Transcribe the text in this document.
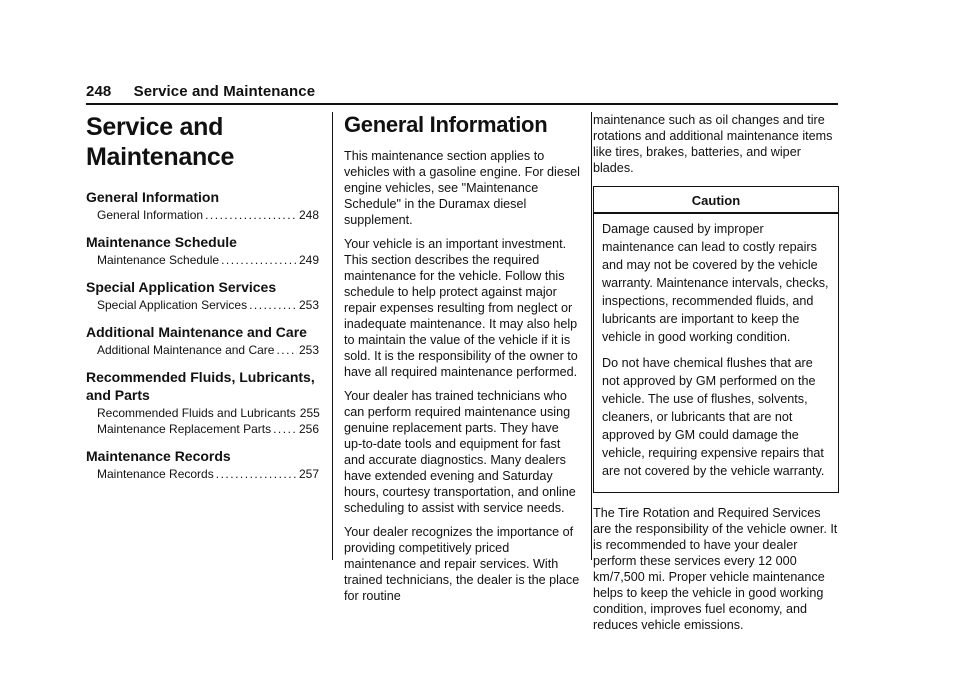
248 Service and Maintenance
Service and Maintenance
General Information
General Information .....	248
Maintenance Schedule
Maintenance Schedule .....	249
Special Application Services
Special Application Services .....	253
Additional Maintenance and Care
Additional Maintenance and Care ..... 253
Recommended Fluids, Lubricants, and Parts
Recommended Fluids and Lubricants 255
Maintenance Replacement Parts ..... 256
Maintenance Records
Maintenance Records .....	257
General Information

This maintenance section applies to vehicles with a gasoline engine. For diesel engine vehicles, see "Maintenance Schedule" in the Duramax diesel supplement.

Your vehicle is an important investment. This section describes the required maintenance for the vehicle. Follow this schedule to help protect against major repair expenses resulting from neglect or inadequate maintenance. It may also help to maintain the value of the vehicle if it is sold. It is the responsibility of the owner to have all required maintenance performed.

Your dealer has trained technicians who can perform required maintenance using genuine replacement parts. They have up-to-date tools and equipment for fast and accurate diagnostics. Many dealers have extended evening and Saturday hours, courtesy transportation, and online scheduling to assist with service needs.

Your dealer recognizes the importance of providing competitively priced maintenance and repair services. With trained technicians, the dealer is the place for routine

maintenance such as oil changes and tire rotations and additional maintenance items like tires, brakes, batteries, and wiper blades.

Caution

Damage caused by improper maintenance can lead to costly repairs and may not be covered by the vehicle warranty. Maintenance intervals, checks, inspections, recommended fluids, and lubricants are important to keep the vehicle in good working condition.

Do not have chemical flushes that are not approved by GM performed on the vehicle. The use of flushes, solvents, cleaners, or lubricants that are not approved by GM could damage the vehicle, requiring expensive repairs that are not covered by the vehicle warranty.

The Tire Rotation and Required Services are the responsibility of the vehicle owner. It is recommended to have your dealer perform these services every 12 000 km/7,500 mi. Proper vehicle maintenance helps to keep the vehicle in good working condition, improves fuel economy, and reduces vehicle emissions.
